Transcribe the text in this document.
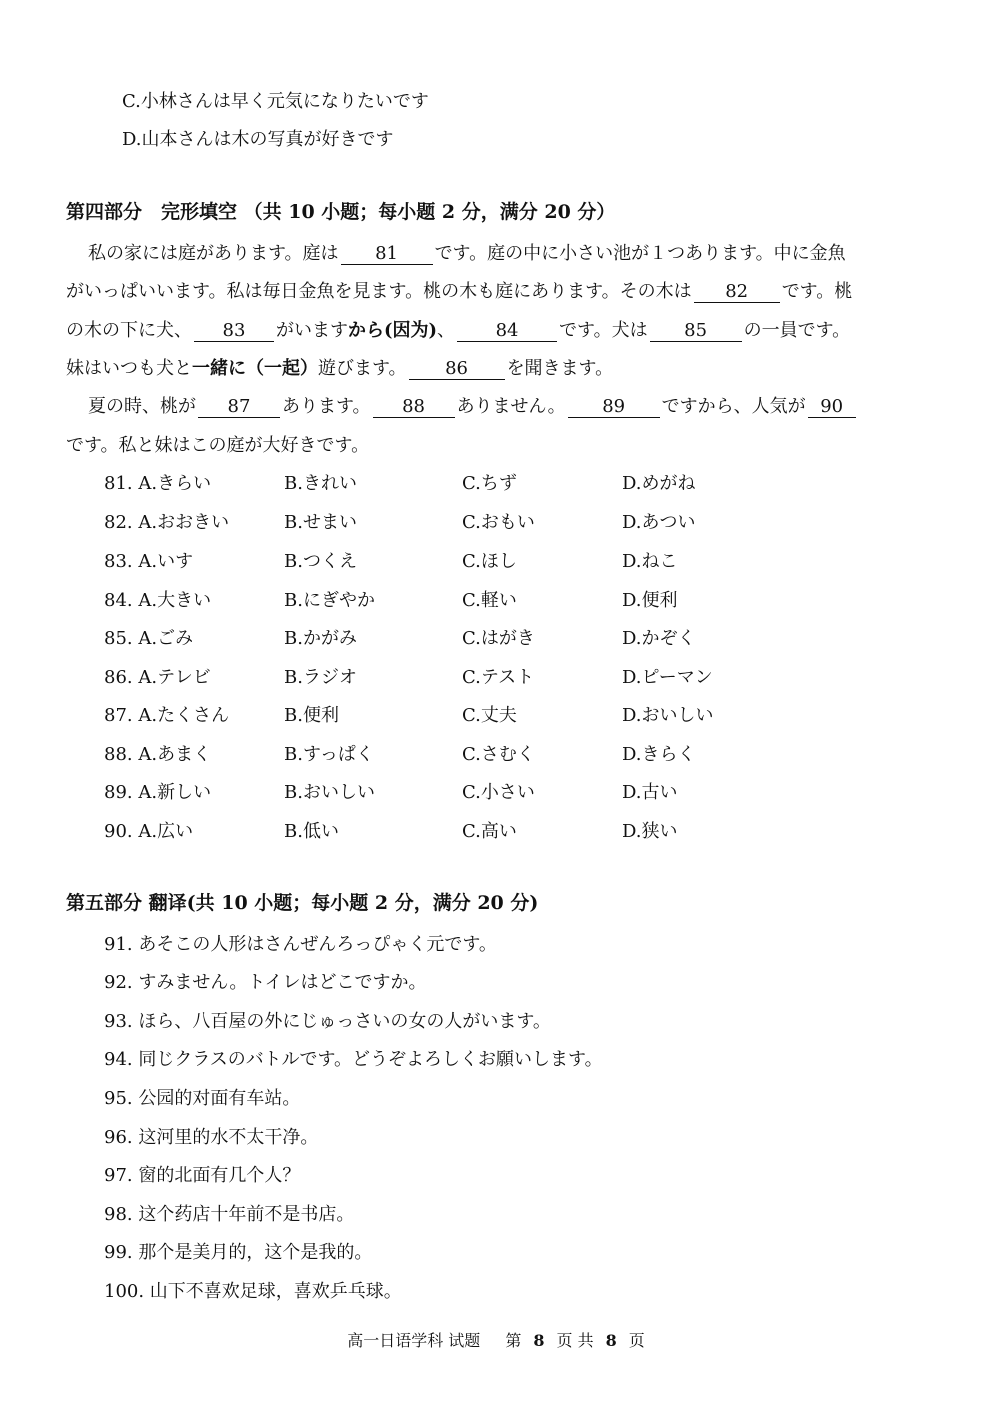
C.小林さんは早く元気になりたいです
D.山本さんは木の写真が好きです
第四部分　完形填空 （共 10 小题；每小题 2 分，满分 20 分）
私の家には庭があります。庭は 81 です。庭の中に小さい池が１つあります。中に金魚
がいっぱいいます。私は毎日金魚を見ます。桃の木も庭にあります。その木は 82 です。桃
の木の下に犬、 83 がいますから(因为)、 84 です。犬は 85 の一員です。
妹はいつも犬と一緒に（一起）遊びます。 86 を聞きます。
夏の時、桃が 87 あります。 88 ありません。 89 ですから、人気が 90
です。私と妹はこの庭が大好きです。
81. A.きらい	B.きれい	C.ちず	D.めがね
82. A.おおきい	B.せまい	C.おもい	D.あつい
83. A.いす	B.つくえ	C.ほし	D.ねこ
84. A.大きい	B.にぎやか	C.軽い	D.便利
85. A.ごみ	B.かがみ	C.はがき	D.かぞく
86. A.テレビ	B.ラジオ	C.テスト	D.ピーマン
87. A.たくさん	B.便利	C.丈夫	D.おいしい
88. A.あまく	B.すっぱく	C.さむく	D.きらく
89. A.新しい	B.おいしい	C.小さい	D.古い
90. A.広い	B.低い	C.高い	D.狭い
第五部分 翻译(共 10 小题；每小题 2 分，满分 20 分)
91. あそこの人形はさんぜんろっぴゃく元です。
92. すみません。トイレはどこですか。
93. ほら、八百屋の外にじゅっさいの女の人がいます。
94. 同じクラスのバトルです。どうぞよろしくお願いします。
95. 公园的对面有车站。
96. 这河里的水不太干净。
97. 窗的北面有几个人？
98. 这个药店十年前不是书店。
99. 那个是美月的，这个是我的。
100. 山下不喜欢足球，喜欢乒乓球。
高一日语学科 试题 第 8 页 共 8 页
